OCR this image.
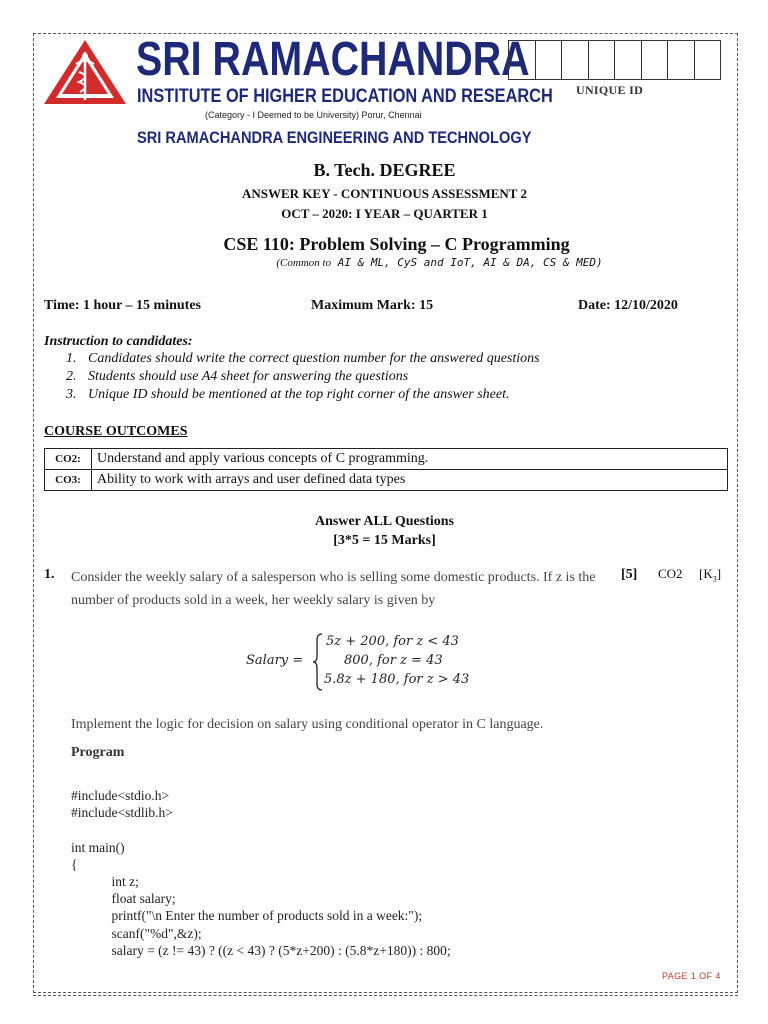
SRI RAMACHANDRA
INSTITUTE OF HIGHER EDUCATION AND RESEARCH
(Category - I Deemed to be University) Porur, Chennai
SRI RAMACHANDRA ENGINEERING AND TECHNOLOGY
UNIQUE ID
B. Tech. DEGREE
ANSWER KEY - CONTINUOUS ASSESSMENT 2
OCT – 2020: I YEAR – QUARTER 1
CSE 110: Problem Solving – C Programming
(Common to AI & ML, CyS and IoT, AI & DA, CS & MED)
Time: 1 hour – 15 minutes	Maximum Mark: 15	Date: 12/10/2020
Instruction to candidates:
1. Candidates should write the correct question number for the answered questions
2. Students should use A4 sheet for answering the questions
3. Unique ID should be mentioned at the top right corner of the answer sheet.
COURSE OUTCOMES
CO2:	Understand and apply various concepts of C programming.
CO3:	Ability to work with arrays and user defined data types
Answer ALL Questions
[3*5 = 15 Marks]
1. Consider the weekly salary of a salesperson who is selling some domestic products. If z is the number of products sold in a week, her weekly salary is given by
[5] CO2 $[K_3]$
Salary =
5z + 200, for z < 43
800, for z = 43
5.8z + 180, for z > 43
Implement the logic for decision on salary using conditional operator in C language.
Program
#include<stdio.h>
#include<stdlib.h>

int main()
{
int z;
float salary;
printf("\n Enter the number of products sold in a week:");
scanf("%d",&z);
salary = (z != 43) ? ((z < 43) ? (5*z+200) : (5.8*z+180)) : 800;
PAGE 1 OF 4
